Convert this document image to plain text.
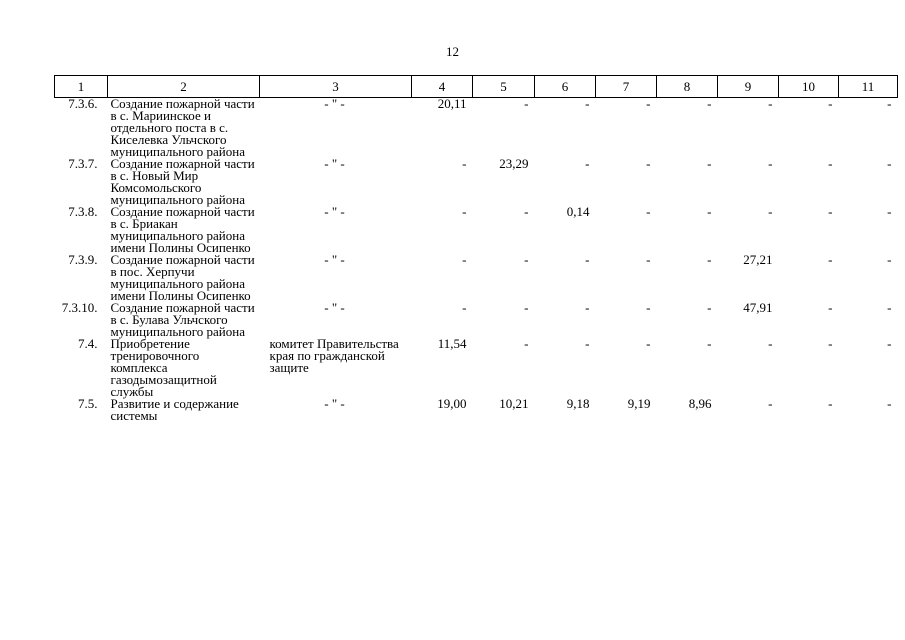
12
1	2	3	4	5	6	7	8	9	10	11
7.3.6.	Создание пожарной части в с. Мариинское и отдельного поста в с. Киселевка Ульчского муниципального района	- " -	20,11	-	-	-	-	-	-	-
7.3.7.	Создание пожарной части в с. Новый Мир Комсомольского муниципального района	- " -	-	23,29	-	-	-	-	-	-
7.3.8.	Создание пожарной части в с. Бриакан муниципального района имени Полины Осипенко	- " -	-	-	0,14	-	-	-	-	-
7.3.9.	Создание пожарной части в пос. Херпучи муниципального района имени Полины Осипенко	- " -	-	-	-	-	-	27,21	-	-
7.3.10.	Создание пожарной части в с. Булава Ульчского муниципального района	- " -	-	-	-	-	-	47,91	-	-
7.4.	Приобретение тренировочного комплекса газодымозащитной службы	комитет Правительства края по гражданской защите	11,54	-	-	-	-	-	-	-
7.5.	Развитие и содержание системы	- " -	19,00	10,21	9,18	9,19	8,96	-	-	-
